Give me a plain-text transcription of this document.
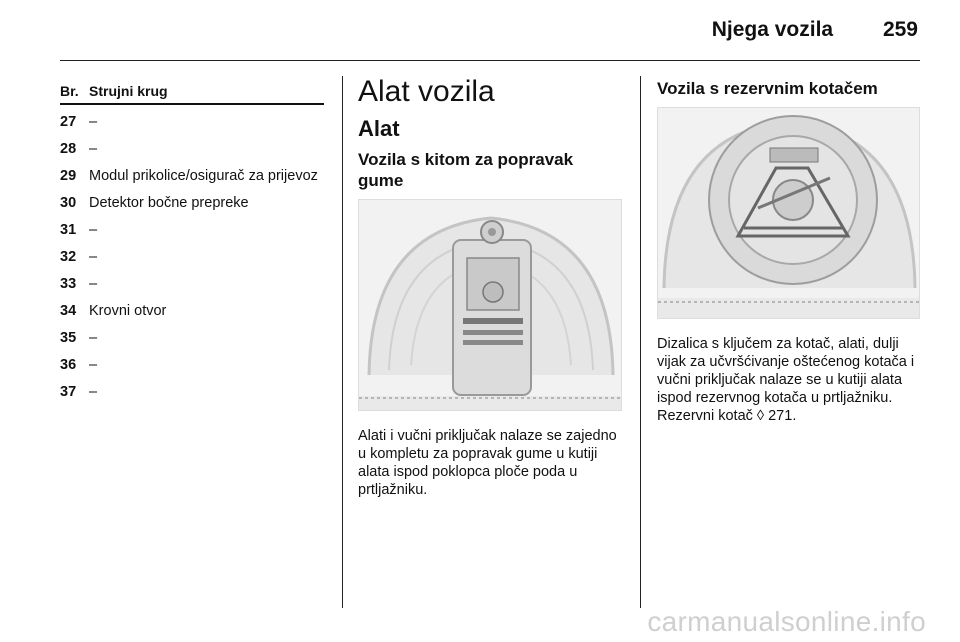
Njega vozila 259
Br.	Strujni krug

27	–
28	–
29	Modul prikolice/osigurač za prijevoz
30	Detektor bočne prepreke
31	–
32	–
33	–
34	Krovni otvor
35	–
36	–
37	–
Alat vozila
Alat
Vozila s kitom za popravak gume

Alati i vučni priključak nalaze se zajedno u kompletu za popravak gume u kutiji alata ispod poklopca ploče poda u prtljažniku.

Vozila s rezervnim kotačem

Dizalica s ključem za kotač, alati, dulji vijak za učvršćivanje oštećenog kotača i vučni priključak nalaze se u kutiji alata ispod rezervnog kotača u prtljažniku. Rezervni kotač ◊ 271.

carmanualsonline.info
